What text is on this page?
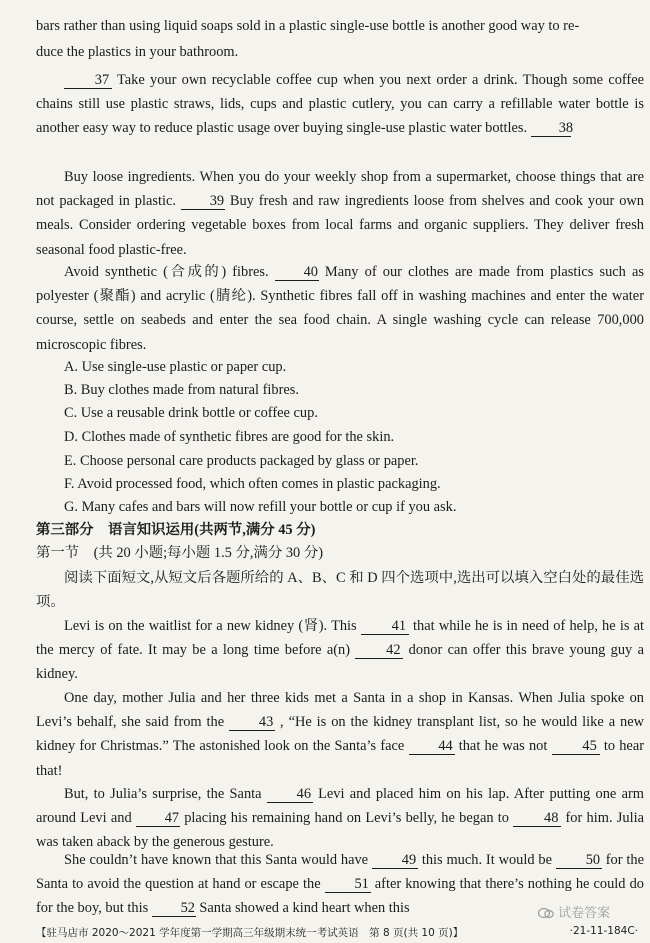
bars rather than using liquid soaps sold in a plastic single-use bottle is another good way to re-
duce the plastics in your bathroom.
37 Take your own recyclable coffee cup when you next order a drink. Though some coffee chains still use plastic straws, lids, cups and plastic cutlery, you can carry a refillable water bottle is another easy way to reduce plastic usage over buying single-use plastic water bottles. 38
Buy loose ingredients. When you do your weekly shop from a supermarket, choose things that are not packaged in plastic. 39 Buy fresh and raw ingredients loose from shelves and cook your own meals. Consider ordering vegetable boxes from local farms and organic suppliers. They deliver fresh seasonal food plastic-free.
Avoid synthetic (合成的) fibres. 40 Many of our clothes are made from plastics such as polyester (聚酯) and acrylic (腈纶). Synthetic fibres fall off in washing machines and enter the water course, settle on seabeds and enter the sea food chain. A single washing cycle can release 700,000 microscopic fibres.
A. Use single-use plastic or paper cup.
B. Buy clothes made from natural fibres.
C. Use a reusable drink bottle or coffee cup.
D. Clothes made of synthetic fibres are good for the skin.
E. Choose personal care products packaged by glass or paper.
F. Avoid processed food, which often comes in plastic packaging.
G. Many cafes and bars will now refill your bottle or cup if you ask.
第三部分　语言知识运用(共两节,满分 45 分)
第一节　(共 20 小题;每小题 1.5 分,满分 30 分)
阅读下面短文,从短文后各题所给的 A、B、C 和 D 四个选项中,选出可以填入空白处的最佳选项。
Levi is on the waitlist for a new kidney (肾). This 41 that while he is in need of help, he is at the mercy of fate. It may be a long time before a(n) 42 donor can offer this brave young guy a kidney.
One day, mother Julia and her three kids met a Santa in a shop in Kansas. When Julia spoke on Levi’s behalf, she said from the 43 , “He is on the kidney transplant list, so he would like a new kidney for Christmas.” The astonished look on the Santa’s face 44 that he was not 45 to hear that!
But, to Julia’s surprise, the Santa 46 Levi and placed him on his lap. After putting one arm around Levi and 47 placing his remaining hand on Levi’s belly, he began to 48 for him. Julia was taken aback by the generous gesture.
She couldn’t have known that this Santa would have 49 this much. It would be 50 for the Santa to avoid the question at hand or escape the 51 after knowing that there’s nothing he could do for the boy, but this 52 Santa showed a kind heart when this	试卷答案
【驻马店市 2020～2021 学年度第一学期高三年级期末统一考试英语　第 8 页(共 10 页)】	·21-11-184C·
